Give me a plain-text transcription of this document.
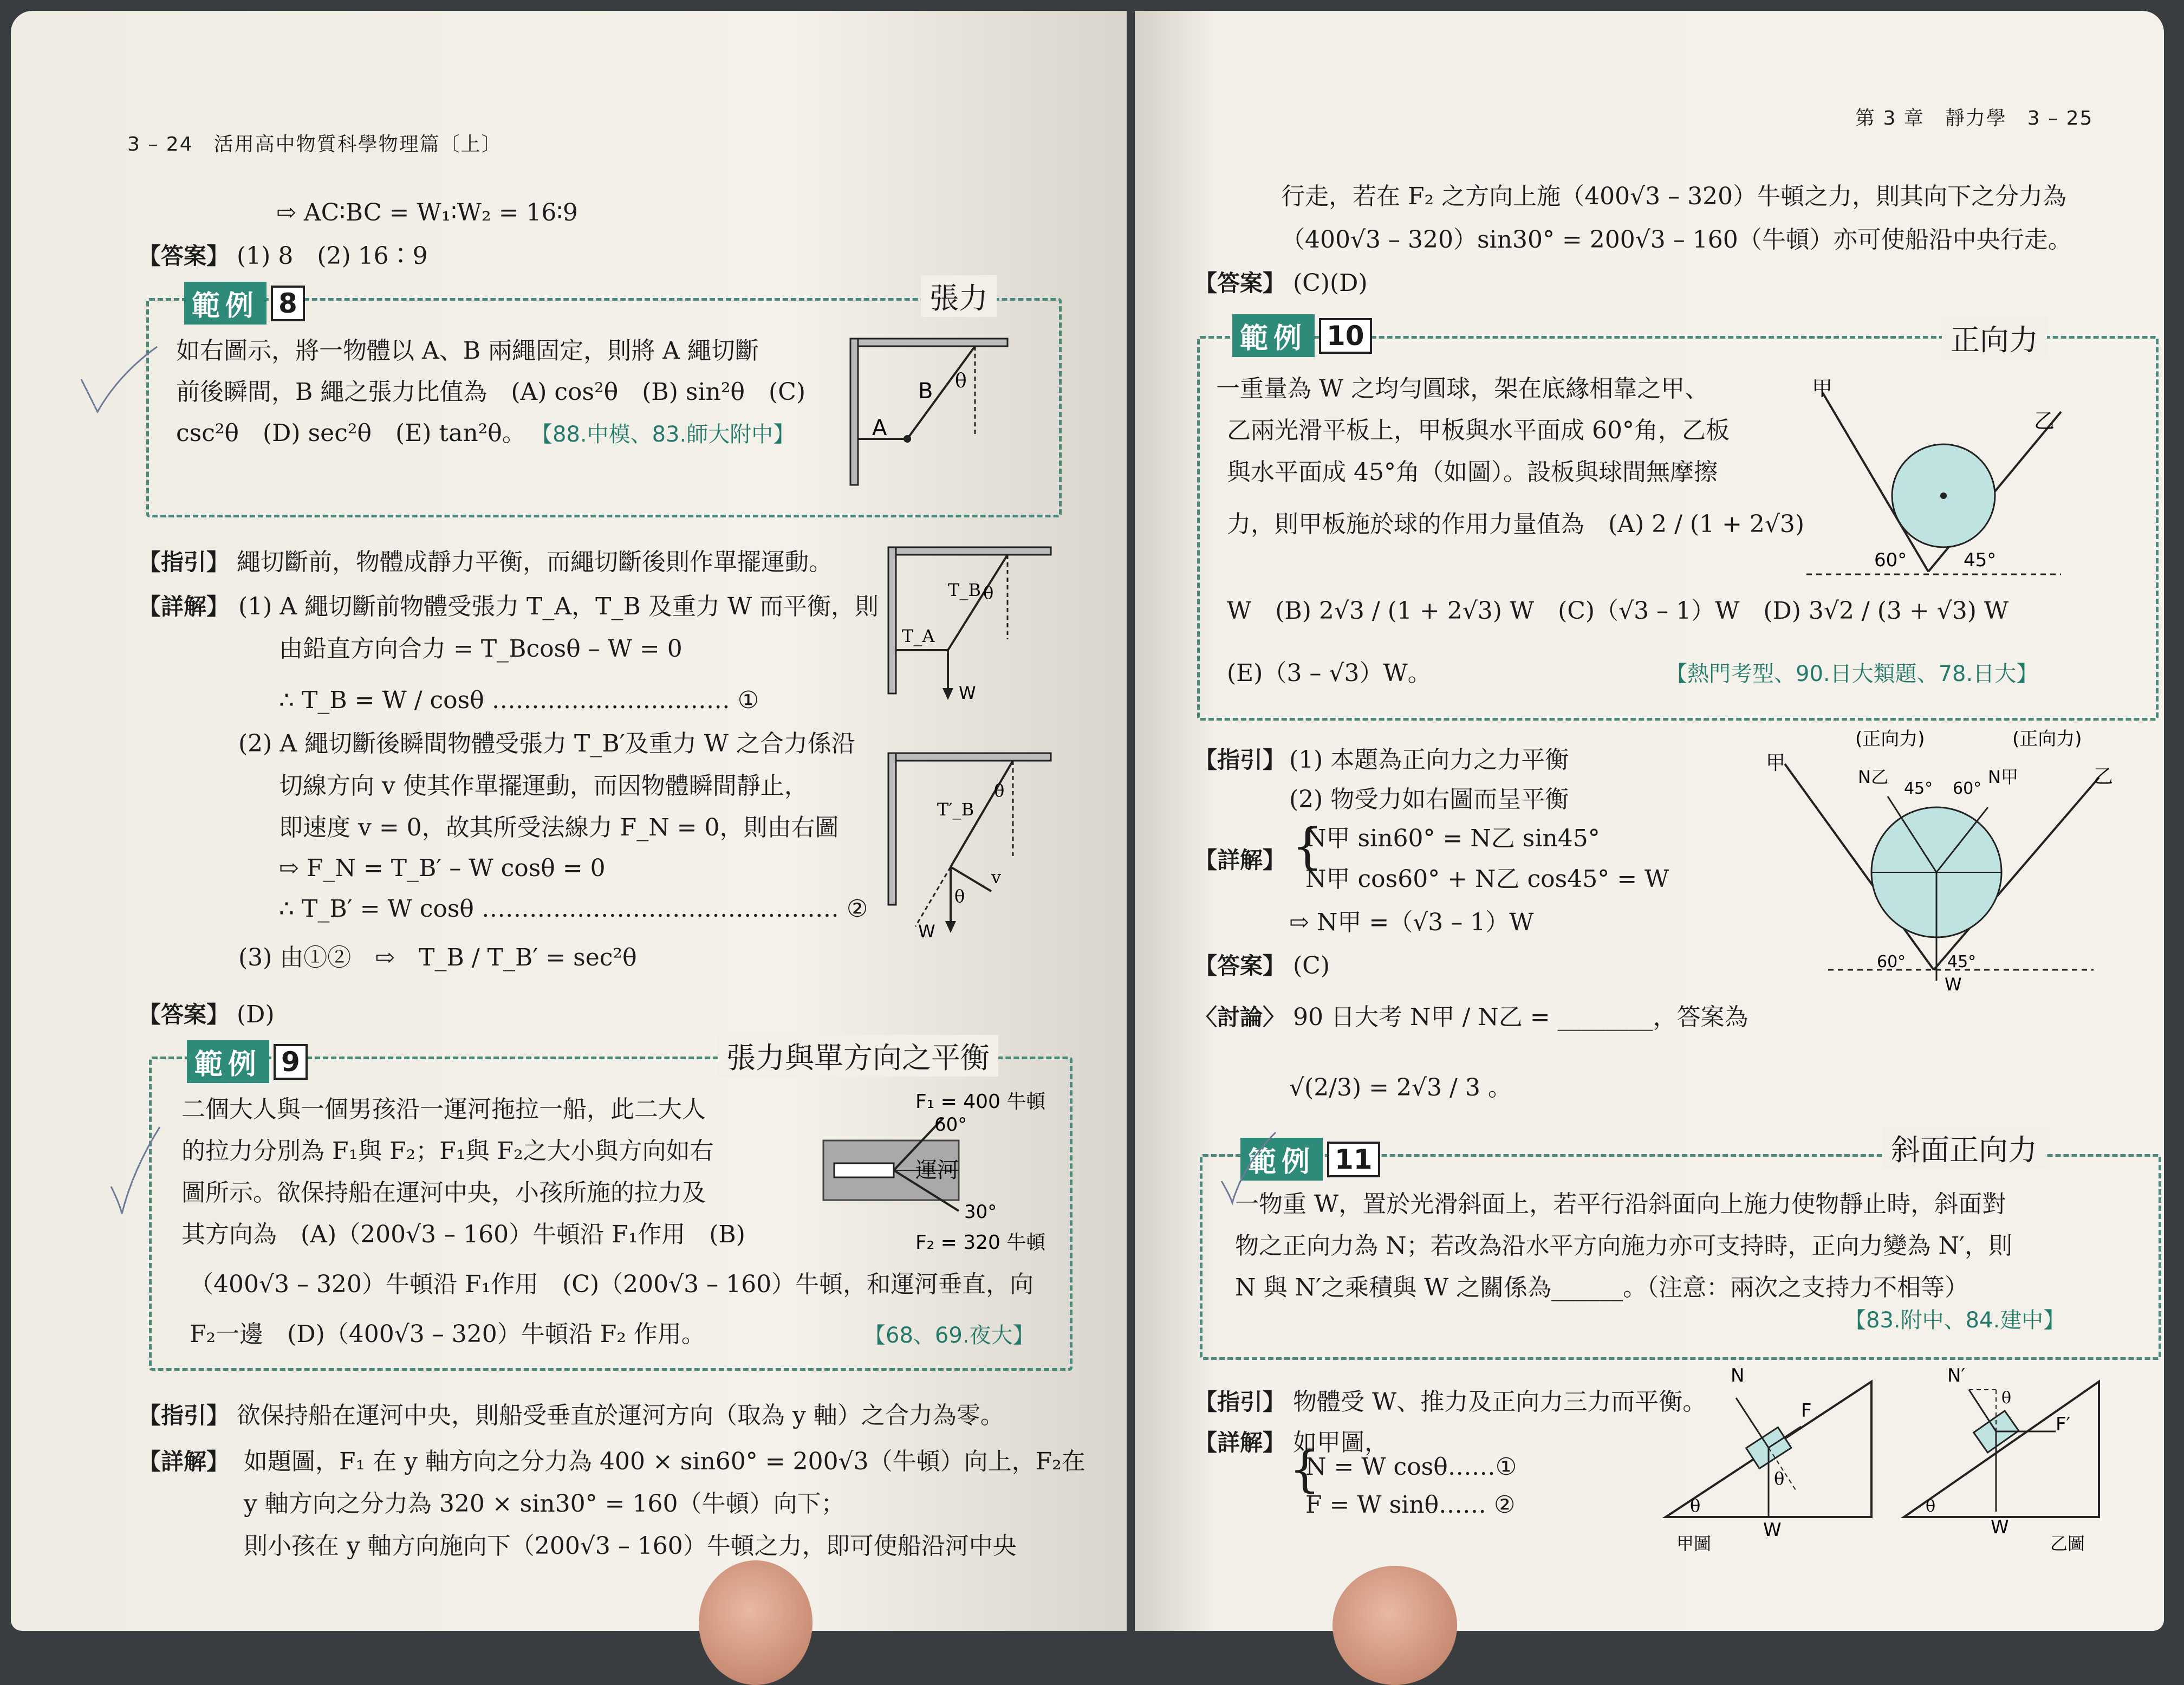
3 – 24　活用高中物質科學物理篇〔上〕
⇨ AC∶BC = W₁∶W₂ = 16∶9
【答案】 (1) 8　(2) 16∶9
範例 8	張力
如右圖示，將一物體以 A、B 兩繩固定，則將 A 繩切斷
前後瞬間，B 繩之張力比值為　(A) cos²θ　(B) sin²θ　(C)
csc²θ　(D) sec²θ　(E) tan²θ。 【88.中模、83.師大附中】	A
B θ
【指引】 繩切斷前，物體成靜力平衡，而繩切斷後則作單擺運動。
【詳解】 (1) A 繩切斷前物體受張力 T_A，T_B 及重力 W 而平衡，則
由鉛直方向合力 = T_Bcosθ – W = 0
∴ T_B = W / cosθ ………………………… ①
(2) A 繩切斷後瞬間物體受張力 T_B′及重力 W 之合力係沿
切線方向 v 使其作單擺運動，而因物體瞬間靜止，
即速度 v = 0，故其所受法線力 F_N = 0，則由右圖
⇨ F_N = T_B′ – W cosθ = 0
∴ T_B′ = W cosθ ……………………………………… ②
(3) 由①②　⇨　T_B / T_B′ = sec²θ
T_B
T_A
θ
W
T′_B
θ
θ
v
W
【答案】 (D)
範例 9	張力與單方向之平衡
二個大人與一個男孩沿一運河拖拉一船，此二大人
的拉力分別為 F₁與 F₂；F₁與 F₂之大小與方向如右
圖所示。欲保持船在運河中央，小孩所施的拉力及
其方向為　(A)（200√3 – 160）牛頓沿 F₁作用　(B)
（400√3 – 320）牛頓沿 F₁作用　(C)（200√3 – 160）牛頓，和運河垂直，向
F₂一邊　(D)（400√3 – 320）牛頓沿 F₂ 作用。	【68、69.夜大】
F₁ = 400 牛頓
60°
運河
30°
F₂ = 320 牛頓
【指引】 欲保持船在運河中央，則船受垂直於運河方向（取為 y 軸）之合力為零。
【詳解】 如題圖，F₁ 在 y 軸方向之分力為 400 × sin60° = 200√3（牛頓）向上，F₂在
y 軸方向之分力為 320 × sin30° = 160（牛頓）向下；
則小孩在 y 軸方向施向下（200√3 – 160）牛頓之力，即可使船沿河中央
第 3 章　靜力學　3 – 25
行走，若在 F₂ 之方向上施（400√3 – 320）牛頓之力，則其向下之分力為
（400√3 – 320）sin30° = 200√3 – 160（牛頓）亦可使船沿中央行走。
【答案】 (C)(D)
範例 10	正向力
一重量為 W 之均勻圓球，架在底緣相靠之甲、
乙兩光滑平板上，甲板與水平面成 60°角，乙板
與水平面成 45°角（如圖）。設板與球間無摩擦
力，則甲板施於球的作用力量值為　(A) 2 / (1 + 2√3)
W　(B) 2√3 / (1 + 2√3) W　(C)（√3 – 1）W　(D) 3√2 / (3 + √3) W
(E)（3 – √3）W。	【熱門考型、90.日大類題、78.日大】
甲
乙
60°	45°
【指引】 (1) 本題為正向力之力平衡
(2) 物受力如右圖而呈平衡
【詳解】 {
N甲 sin60° = N乙 sin45°
N甲 cos60° + N乙 cos45° = W
⇨ N甲 =（√3 – 1）W
(正向力)	(正向力)
甲
乙
N乙	N甲
45° 60°
60°	45°
W
【答案】 (C)
〈討論〉 90 日大考 N甲 / N乙 = ________，答案為
√(2/3) = 2√3 / 3 。
範例 11	斜面正向力
一物重 W，置於光滑斜面上，若平行沿斜面向上施力使物靜止時，斜面對
物之正向力為 N；若改為沿水平方向施力亦可支持時，正向力變為 N′，則
N 與 N′之乘積與 W 之關係為______。（注意：兩次之支持力不相等）
【83.附中、84.建中】
【指引】 物體受 W、推力及正向力三力而平衡。
【詳解】 如甲圖，
{
N = W cosθ……①
F = W sinθ…… ②
N
F
θ
θ
W
甲圖
N′
F′
θ
θ
W
乙圖
